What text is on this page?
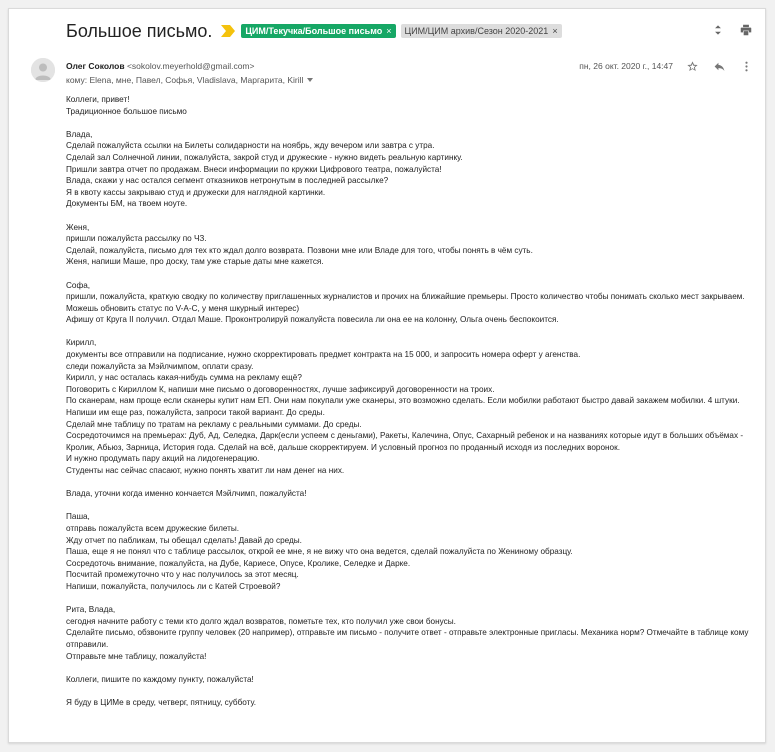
Большое письмо.	ЦИМ/Текучка/Большое письмо × ЦИМ/ЦИМ архив/Сезон 2020-2021 ×
Олег Соколов <sokolov.meyerhold@gmail.com>
кому: Elena, мне, Павел, Софья, Vladislava, Маргарита, Kirill
пн, 26 окт. 2020 г., 14:47
Коллеги, привет!
Традиционное большое письмо
Влада,
Сделай пожалуйста ссылки на Билеты солидарности на ноябрь, жду вечером или завтра с утра.
Сделай зал Солнечной линии, пожалуйста, закрой студ и дружеские - нужно видеть реальную картинку.
Пришли завтра отчет по продажам. Внеси информации по кружки Цифрового театра, пожалуйста!
Влада, скажи у нас остался сегмент отказников нетронутым в последней рассылке?
Я в квоту кассы закрываю студ и дружески для наглядной картинки.
Документы БМ, на твоем ноуте.
Женя,
пришли пожалуйста рассылку по ЧЗ.
Сделай, пожалуйста, письмо для тех кто ждал долго возврата. Позвони мне или Владе для того, чтобы понять в чём суть.
Женя, напиши Маше, про доску, там уже старые даты мне кажется.
Софа,
пришли, пожалуйста, краткую сводку по количеству приглашенных журналистов и прочих на ближайшие премьеры. Просто количество чтобы понимать сколько мест закрываем.
Можешь обновить статус по V-A-C, у меня шкурный интерес)
Афишу от Круга II получил. Отдал Маше. Проконтролируй пожалуйста повесила ли она ее на колонну, Ольга очень беспокоится.
Кирилл,
документы все отправили на подписание, нужно скорректировать предмет контракта на 15 000, и запросить номера оферт у агенства.
следи пожалуйста за Мэйлчимпом, оплати сразу.
Кирилл, у нас осталась какая-нибудь сумма на рекламу ещё?
Поговорить с Кириллом К, напиши мне письмо о договоренностях, лучше зафиксируй договоренности на троих.
По сканерам, нам проще если сканеры купит нам ЕП. Они нам покупали уже сканеры, это возможно сделать. Если мобилки работают быстро давай закажем мобилки. 4 штуки.
Напиши им еще раз, пожалуйста, запроси такой вариант. До среды.
Сделай мне таблицу по тратам на рекламу с реальными суммами. До среды.
Сосредоточимся на премьерах: Дуб, Ад, Селедка, Дарк(если успеем с деньгами), Ракеты, Калечина, Опус, Сахарный ребенок и на названиях которые идут в больших объёмах -
Кролик, Абьюз, Зарница, История года. Сделай на всё, дальше скорректируем. И условный прогноз по проданный исходя из последних воронок.
И нужно продумать пару акций на лидогенерацию.
Студенты нас сейчас спасают, нужно понять хватит ли нам денег на них.
Влада, уточни когда именно кончается Мэйлчимп, пожалуйста!
Паша,
отправь пожалуйста всем дружеские билеты.
Жду отчет по пабликам, ты обещал сделать! Давай до среды.
Паша, еще я не понял что с таблице рассылок, открой ее мне, я не вижу что она ведется, сделай пожалуйста по Жениному образцу.
Сосредоточь внимание, пожалуйста, на Дубе, Кариесе, Опусе, Кролике, Селедке и Дарке.
Посчитай промежуточно что у нас получилось за этот месяц.
Напиши, пожалуйста, получилось ли с Катей Строевой?
Рита, Влада,
сегодня начните работу с теми кто долго ждал возвратов, пометьте тех, кто получил уже свои бонусы.
Сделайте письмо, обзвоните группу человек (20 например), отправьте им письмо - получите ответ - отправьте электронные пригласы. Механика норм? Отмечайте в таблице кому
отправили.
Отправьте мне таблицу, пожалуйста!
Коллеги, пишите по каждому пункту, пожалуйста!
Я буду в ЦИМе в среду, четверг, пятницу, субботу.
